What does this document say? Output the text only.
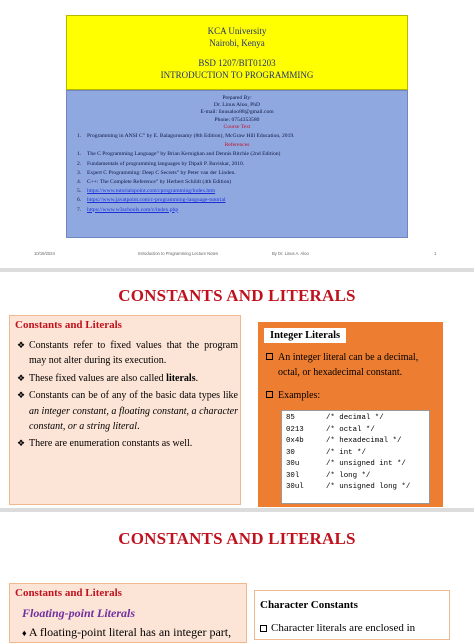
KCA University
Nairobi, Kenya
BSD 1207/BIT01203
INTRODUCTION TO PROGRAMMING
Prepared By:
Dr. Linus Aloo, PhD
E-mail: linusaloo88@gmail.com
Phone: 0754353580
Course Text
1.	Programming in ANSI C” by E. Balagurusamy (8th Edition), McGraw Hill Education, 2019.
References
1.	The C Programming Language” by Brian Kernighan and Dennis Ritchie (2nd Edition)
2.	Fundamentals of programming languages by Dipali P. Baviskar, 2010.
3.	Expert C Programming: Deep C Secrets” by Peter van der Linden.
4.	C++: The Complete Reference” by Herbert Schildt (4th Edition)
5.	https://www.tutorialspoint.com/cprogramming/index.htm
6.	https://www.javatpoint.com/c-programming-language-tutorial
7.	https://www.w3schools.com/c/index.php
10/19/2024	Introduction to Programming Lecture Notes	By Dr. Linus A. Aloo	1
CONSTANTS AND LITERALS
Constants and Literals
❖ Constants refer to fixed values that the program may not alter during its execution.
❖ These fixed values are also called literals.
❖ Constants can be of any of the basic data types like an integer constant, a floating constant, a character constant, or a string literal.
❖ There are enumeration constants as well.
Integer Literals
An integer literal can be a decimal, octal, or hexadecimal constant.
Examples:
85	/* decimal */
0213	/* octal */
0x4b	/* hexadecimal */
30	/* int */
30u	/* unsigned int */
30l	/* long */
30ul	/* unsigned long */
CONSTANTS AND LITERALS
Constants and Literals
Floating-point Literals
♦ A floating-point literal has an integer part,
Character Constants
Character literals are enclosed in
